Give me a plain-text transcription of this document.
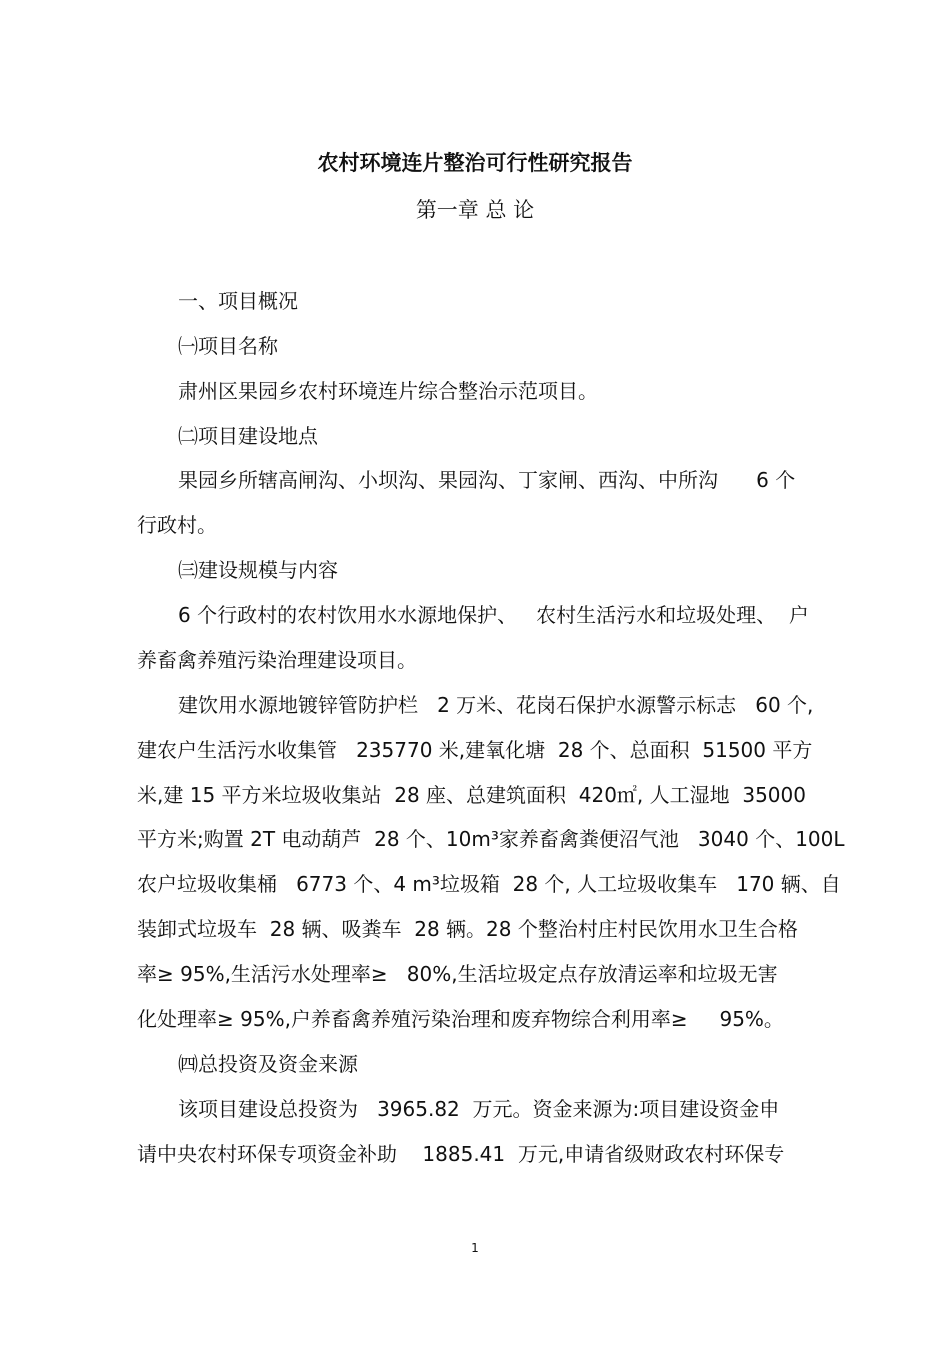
农村环境连片整治可行性研究报告
第一章 总 论

一、项目概况

㈠项目名称

肃州区果园乡农村环境连片综合整治示范项目。

㈡项目建设地点

果园乡所辖高闸沟、小坝沟、果园沟、丁家闸、西沟、中所沟      6 个

行政村。

㈢建设规模与内容

6 个行政村的农村饮用水水源地保护、   农村生活污水和垃圾处理、  户

养畜禽养殖污染治理建设项目。

建饮用水源地镀锌管防护栏   2 万米、花岗石保护水源警示标志   60 个,

建农户生活污水收集管   235770 米,建氧化塘  28 个、总面积  51500 平方

米,建 15 平方米垃圾收集站  28 座、总建筑面积  420㎡, 人工湿地  35000

平方米;购置 2T 电动葫芦  28 个、10m³家养畜禽粪便沼气池   3040 个、100L

农户垃圾收集桶   6773 个、4 m³垃圾箱  28 个, 人工垃圾收集车   170 辆、自

装卸式垃圾车  28 辆、吸粪车  28 辆。28 个整治村庄村民饮用水卫生合格

率≥ 95%,生活污水处理率≥   80%,生活垃圾定点存放清运率和垃圾无害

化处理率≥ 95%,户养畜禽养殖污染治理和废弃物综合利用率≥     95%。

㈣总投资及资金来源

该项目建设总投资为   3965.82  万元。资金来源为:项目建设资金申

请中央农村环保专项资金补助    1885.41  万元,申请省级财政农村环保专

1
